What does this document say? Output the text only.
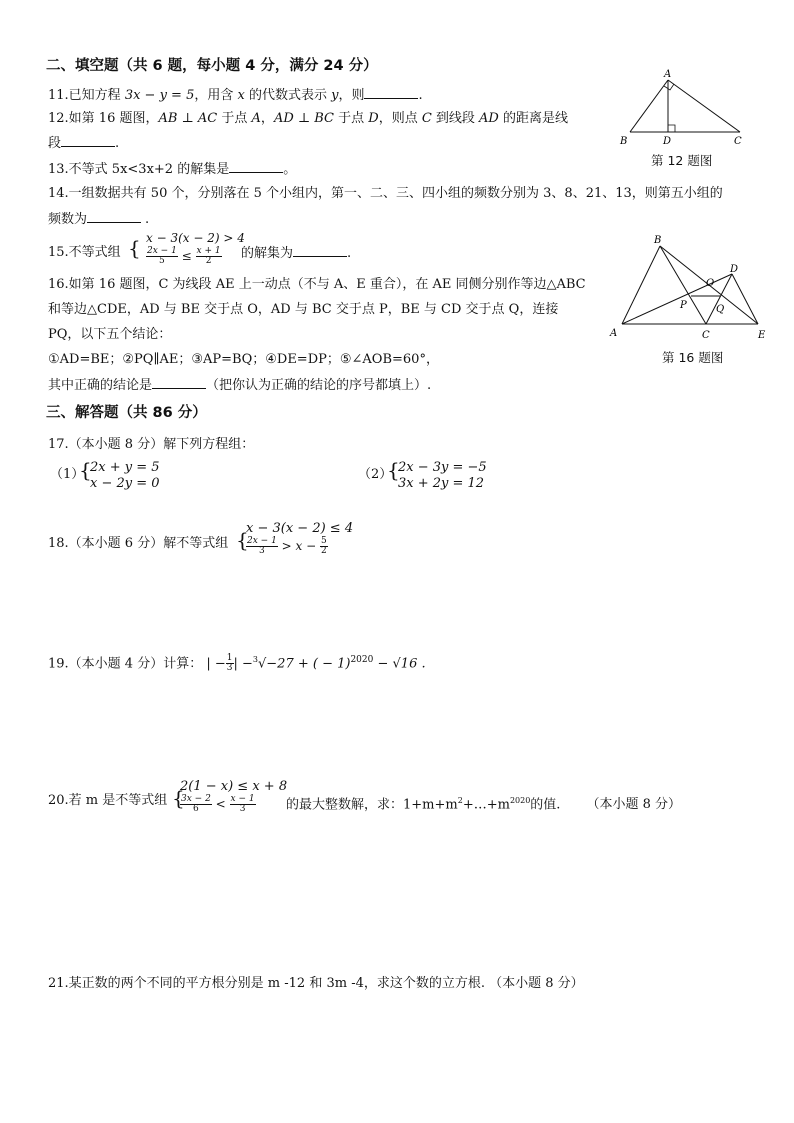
二、填空题（共 6 题，每小题 4 分，满分 24 分）
11.已知方程 3x − y = 5，用含 x 的代数式表示 y，则	.
12.如第 16 题图，AB ⊥ AC 于点 A，AD ⊥ BC 于点 D，则点 C 到线段 AD 的距离是线
段	.
A
B	D	C
第 12 题图
13.不等式 5x<3x+2 的解集是	。
14.一组数据共有 50 个，分别落在 5 个小组内，第一、二、三、四小组的频数分别为 3、8、21、13，则第五小组的
频数为	.
15.不等式组 { x − 3(x − 2) > 4
$\frac{2x - 1}{5} \le \frac{x + 1}{2}$ 的解集为	.
16.如第 16 题图，C 为线段 AE 上一动点（不与 A、E 重合），在 AE 同侧分别作等边△ABC
和等边△CDE，AD 与 BE 交于点 O，AD 与 BC 交于点 P，BE 与 CD 交于点 Q，连接
PQ，以下五个结论：
①AD=BE；②PQ∥AE；③AP=BQ；④DE=DP；⑤∠AOB=60°，
其中正确的结论是	（把你认为正确的结论的序号都填上）.
A
B
C
D
E
O
P	Q
第 16 题图
三、解答题（共 86 分）
17.（本小题 8 分）解下列方程组：
（1）
{
2x + y = 5
x − 2y = 0
（2）
{
2x − 3y = −5
3x + 2y = 12
18.（本小题 6 分）解不等式组 {
x − 3(x − 2) ≤ 4
$\frac{2x - 1}{3} > x - \frac{5}{2}$
19.（本小题 4 分）计算： | − $\frac{1}{3}$ | −$^3$√−27 + ( − 1)$^{2020}$ − √16 .
20.若 m 是不等式组 {
2(1 − x) ≤ x + 8
$\frac{3x - 2}{6} < \frac{x - 1}{3}$ 的最大整数解，求：$1+m+m^2+\dots+m^{2020}$的值. （本小题 8 分）
21.某正数的两个不同的平方根分别是 m -12 和 3m -4，求这个数的立方根. （本小题 8 分）
